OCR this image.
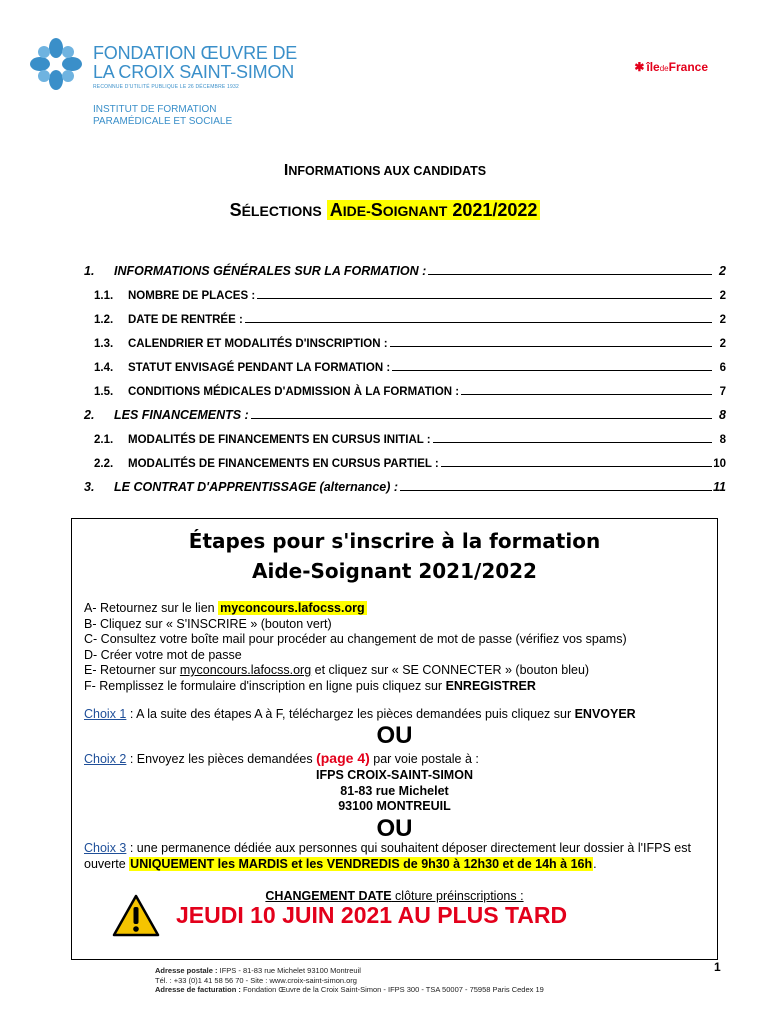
FONDATION ŒUVRE DE
LA CROIX SAINT-SIMON
RECONNUE D'UTILITÉ PUBLIQUE LE 26 DÉCEMBRE 1932
INSTITUT DE FORMATION
PARAMÉDICALE ET SOCIALE
✱ îledeFrance
INFORMATIONS AUX CANDIDATS
SÉLECTIONS AIDE-SOIGNANT 2021/2022
1.	INFORMATIONS GÉNÉRALES SUR LA FORMATION :	2
1.1.	NOMBRE DE PLACES :	2
1.2.	DATE DE RENTRÉE :	2
1.3.	CALENDRIER ET MODALITÉS D'INSCRIPTION :	2
1.4.	STATUT ENVISAGÉ PENDANT LA FORMATION :	6
1.5.	CONDITIONS MÉDICALES D'ADMISSION À LA FORMATION :	7
2.	LES FINANCEMENTS :	8
2.1.	MODALITÉS DE FINANCEMENTS EN CURSUS INITIAL :	8
2.2.	MODALITÉS DE FINANCEMENTS EN CURSUS PARTIEL :	10
3.	LE CONTRAT D'APPRENTISSAGE (alternance) :	11
Étapes pour s'inscrire à la formation
Aide-Soignant 2021/2022
A- Retournez sur le lien myconcours.lafocss.org
B- Cliquez sur « S'INSCRIRE » (bouton vert)
C- Consultez votre boîte mail pour procéder au changement de mot de passe (vérifiez vos spams)
D- Créer votre mot de passe
E- Retourner sur myconcours.lafocss.org et cliquez sur « SE CONNECTER » (bouton bleu)
F- Remplissez le formulaire d'inscription en ligne puis cliquez sur ENREGISTRER
Choix 1 : A la suite des étapes A à F, téléchargez les pièces demandées puis cliquez sur ENVOYER
OU
Choix 2 : Envoyez les pièces demandées (page 4) par voie postale à :
IFPS CROIX-SAINT-SIMON
81-83 rue Michelet
93100 MONTREUIL
OU
Choix 3 : une permanence dédiée aux personnes qui souhaitent déposer directement leur dossier à l'IFPS est ouverte UNIQUEMENT les MARDIS et les VENDREDIS de 9h30 à 12h30 et de 14h à 16h.
CHANGEMENT DATE clôture préinscriptions :
JEUDI 10 JUIN 2021 AU PLUS TARD
Adresse postale : IFPS - 81-83 rue Michelet 93100 Montreuil
Tél. : +33 (0)1 41 58 56 70 - Site : www.croix-saint-simon.org
Adresse de facturation : Fondation Œuvre de la Croix Saint-Simon - IFPS 300 - TSA 50007 - 75958 Paris Cedex 19
1
